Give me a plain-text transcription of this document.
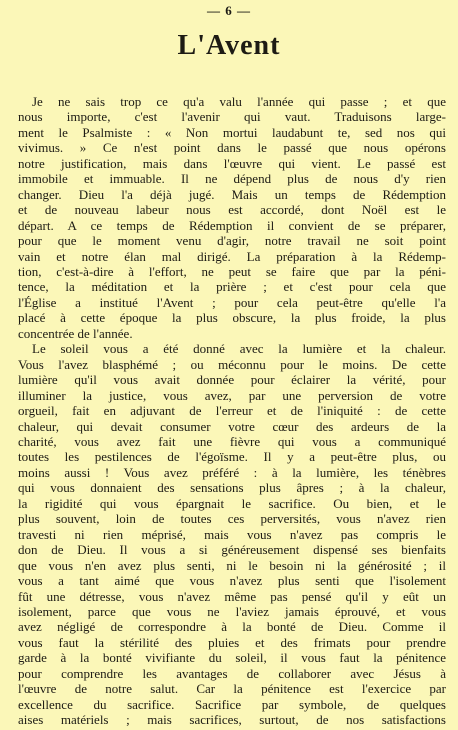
— 6 —
L'Avent
Je ne sais trop ce qu'a valu l'année qui passe ; et que
nous importe, c'est l'avenir qui vaut. Traduisons large-
ment le Psalmiste : « Non mortui laudabunt te, sed nos qui
vivimus. » Ce n'est point dans le passé que nous opérons
notre justification, mais dans l'œuvre qui vient. Le passé est
immobile et immuable. Il ne dépend plus de nous d'y rien
changer. Dieu l'a déjà jugé. Mais un temps de Rédemption
et de nouveau labeur nous est accordé, dont Noël est le
départ. A ce temps de Rédemption il convient de se préparer,
pour que le moment venu d'agir, notre travail ne soit point
vain et notre élan mal dirigé. La préparation à la Rédemp-
tion, c'est-à-dire à l'effort, ne peut se faire que par la péni-
tence, la méditation et la prière ; et c'est pour cela que
l'Église a institué l'Avent ; pour cela peut-être qu'elle l'a
placé à cette époque la plus obscure, la plus froide, la plus
concentrée de l'année.
Le soleil vous a été donné avec la lumière et la chaleur.
Vous l'avez blasphémé ; ou méconnu pour le moins. De cette
lumière qu'il vous avait donnée pour éclairer la vérité, pour
illuminer la justice, vous avez, par une perversion de votre
orgueil, fait en adjuvant de l'erreur et de l'iniquité : de cette
chaleur, qui devait consumer votre cœur des ardeurs de la
charité, vous avez fait une fièvre qui vous a communiqué
toutes les pestilences de l'égoïsme. Il y a peut-être plus, ou
moins aussi ! Vous avez préféré : à la lumière, les ténèbres
qui vous donnaient des sensations plus âpres ; à la chaleur,
la rigidité qui vous épargnait le sacrifice. Ou bien, et le
plus souvent, loin de toutes ces perversités, vous n'avez rien
travesti ni rien méprisé, mais vous n'avez pas compris le
don de Dieu. Il vous a si généreusement dispensé ses bienfaits
que vous n'en avez plus senti, ni le besoin ni la générosité ; il
vous a tant aimé que vous n'avez plus senti que l'isolement
fût une détresse, vous n'avez même pas pensé qu'il y eût un
isolement, parce que vous ne l'aviez jamais éprouvé, et vous
avez négligé de correspondre à la bonté de Dieu. Comme il
vous faut la stérilité des pluies et des frimats pour prendre
garde à la bonté vivifiante du soleil, il vous faut la pénitence
pour comprendre les avantages de collaborer avec Jésus à
l'œuvre de notre salut. Car la pénitence est l'exercice par
excellence du sacrifice. Sacrifice par symbole, de quelques
aises matériels ; mais sacrifices, surtout, de nos satisfactions
